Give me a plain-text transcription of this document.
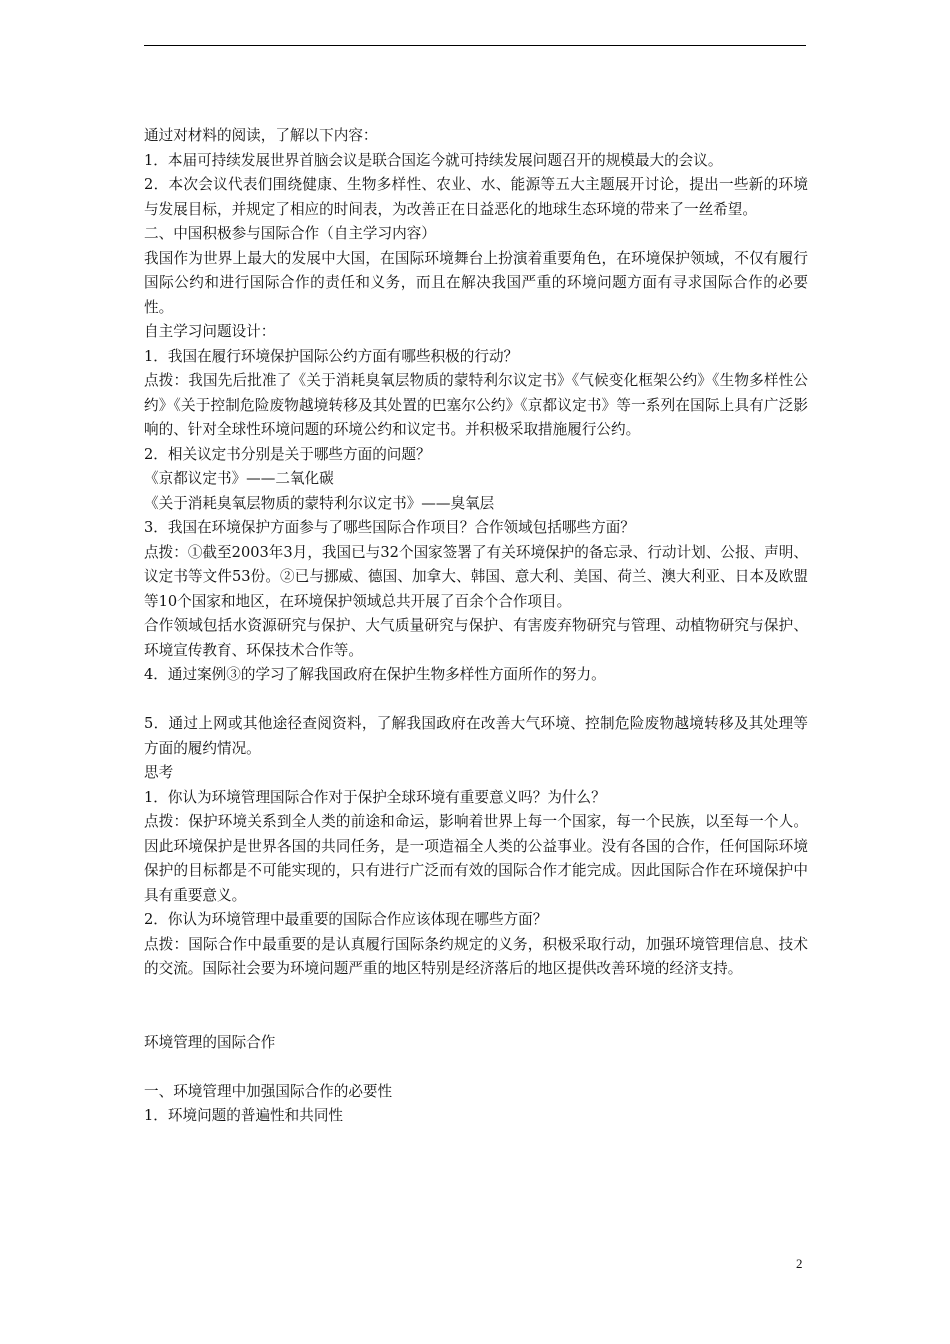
通过对材料的阅读，了解以下内容：

1．本届可持续发展世界首脑会议是联合国迄今就可持续发展问题召开的规模最大的会议。

2．本次会议代表们围绕健康、生物多样性、农业、水、能源等五大主题展开讨论，提出一些新的环境与发展目标，并规定了相应的时间表，为改善正在日益恶化的地球生态环境的带来了一丝希望。

二、中国积极参与国际合作（自主学习内容）

我国作为世界上最大的发展中大国，在国际环境舞台上扮演着重要角色，在环境保护领域，不仅有履行国际公约和进行国际合作的责任和义务，而且在解决我国严重的环境问题方面有寻求国际合作的必要性。

自主学习问题设计：

1．我国在履行环境保护国际公约方面有哪些积极的行动？

点拨：我国先后批准了《关于消耗臭氧层物质的蒙特利尔议定书》《气候变化框架公约》《生物多样性公约》《关于控制危险废物越境转移及其处置的巴塞尔公约》《京都议定书》等一系列在国际上具有广泛影响的、针对全球性环境问题的环境公约和议定书。并积极采取措施履行公约。

2．相关议定书分别是关于哪些方面的问题？

《京都议定书》——二氧化碳

《关于消耗臭氧层物质的蒙特利尔议定书》——臭氧层

3．我国在环境保护方面参与了哪些国际合作项目？合作领域包括哪些方面？

点拨：①截至2003年3月，我国已与32个国家签署了有关环境保护的备忘录、行动计划、公报、声明、议定书等文件53份。②已与挪威、德国、加拿大、韩国、意大利、美国、荷兰、澳大利亚、日本及欧盟等10个国家和地区，在环境保护领域总共开展了百余个合作项目。

合作领域包括水资源研究与保护、大气质量研究与保护、有害废弃物研究与管理、动植物研究与保护、环境宣传教育、环保技术合作等。

4．通过案例③的学习了解我国政府在保护生物多样性方面所作的努力。

5．通过上网或其他途径查阅资料，了解我国政府在改善大气环境、控制危险废物越境转移及其处理等方面的履约情况。

思考

1．你认为环境管理国际合作对于保护全球环境有重要意义吗？为什么？

点拨：保护环境关系到全人类的前途和命运，影响着世界上每一个国家，每一个民族，以至每一个人。因此环境保护是世界各国的共同任务，是一项造福全人类的公益事业。没有各国的合作，任何国际环境保护的目标都是不可能实现的，只有进行广泛而有效的国际合作才能完成。因此国际合作在环境保护中具有重要意义。

2．你认为环境管理中最重要的国际合作应该体现在哪些方面？

点拨：国际合作中最重要的是认真履行国际条约规定的义务，积极采取行动，加强环境管理信息、技术的交流。国际社会要为环境问题严重的地区特别是经济落后的地区提供改善环境的经济支持。

环境管理的国际合作

一、环境管理中加强国际合作的必要性

1．环境问题的普遍性和共同性

2
